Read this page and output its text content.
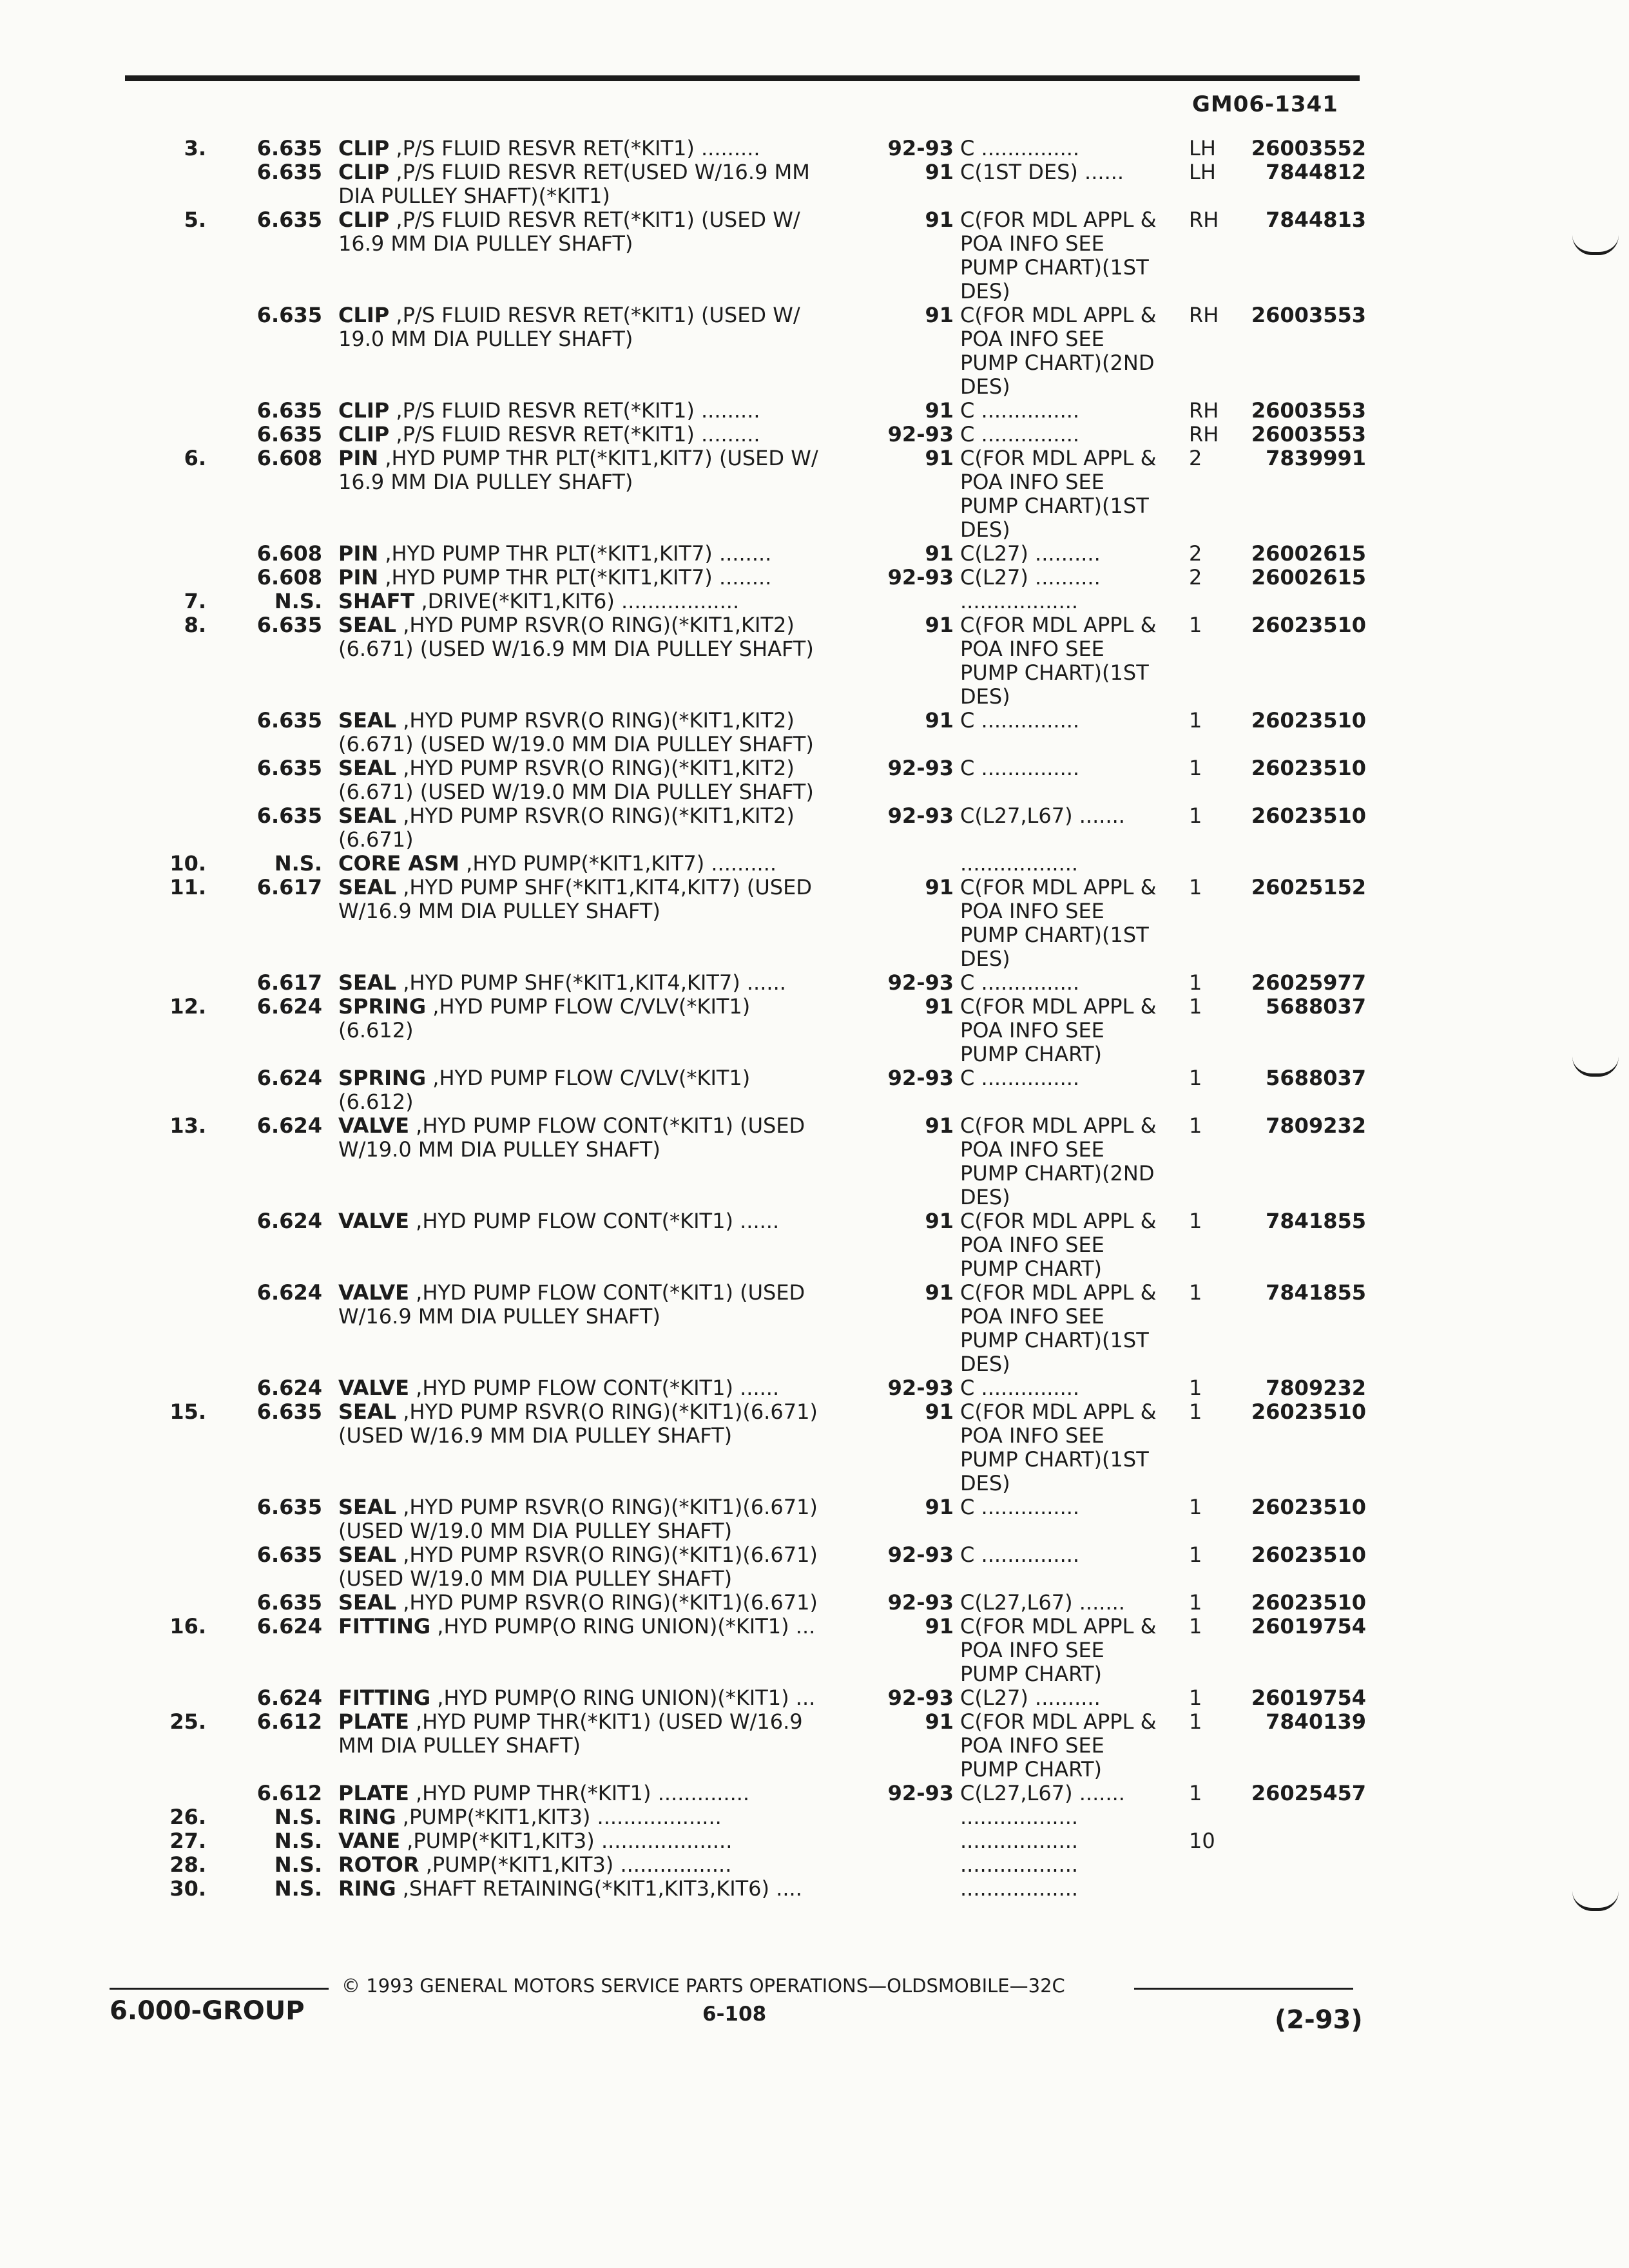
GM06-1341
3.	6.635 CLIP ,P/S FLUID RESVR RET(*KIT1) .........	92-93 C ...............	LH	26003552
6.635 CLIP ,P/S FLUID RESVR RET(USED W/16.9 MM
DIA PULLEY SHAFT)(*KIT1)
91 C(1ST DES) ......	LH	7844812
5.	6.635 CLIP ,P/S FLUID RESVR RET(*KIT1) (USED W/
16.9 MM DIA PULLEY SHAFT)
91 C(FOR MDL APPL &
POA INFO SEE
PUMP CHART)(1ST
DES)
RH	7844813
6.635 CLIP ,P/S FLUID RESVR RET(*KIT1) (USED W/
19.0 MM DIA PULLEY SHAFT)
91 C(FOR MDL APPL &
POA INFO SEE
PUMP CHART)(2ND
DES)
RH	26003553
6.635 CLIP ,P/S FLUID RESVR RET(*KIT1) .........	91 C ...............	RH	26003553
6.635 CLIP ,P/S FLUID RESVR RET(*KIT1) .........	92-93 C ...............	RH	26003553
6.	6.608 PIN ,HYD PUMP THR PLT(*KIT1,KIT7) (USED W/
16.9 MM DIA PULLEY SHAFT)
91 C(FOR MDL APPL &
POA INFO SEE
PUMP CHART)(1ST
DES)
2	7839991
6.608 PIN ,HYD PUMP THR PLT(*KIT1,KIT7) ........	91 C(L27) ..........	2	26002615
6.608 PIN ,HYD PUMP THR PLT(*KIT1,KIT7) ........	92-93 C(L27) ..........	2	26002615
7.	N.S. SHAFT ,DRIVE(*KIT1,KIT6) ..................	..................
8.	6.635 SEAL ,HYD PUMP RSVR(O RING)(*KIT1,KIT2)
(6.671) (USED W/16.9 MM DIA PULLEY SHAFT)
91 C(FOR MDL APPL &
POA INFO SEE
PUMP CHART)(1ST
DES)
1	26023510
6.635 SEAL ,HYD PUMP RSVR(O RING)(*KIT1,KIT2)
(6.671) (USED W/19.0 MM DIA PULLEY SHAFT)
91 C ...............	1	26023510
6.635 SEAL ,HYD PUMP RSVR(O RING)(*KIT1,KIT2)
(6.671) (USED W/19.0 MM DIA PULLEY SHAFT)
92-93 C ...............	1	26023510
6.635 SEAL ,HYD PUMP RSVR(O RING)(*KIT1,KIT2)
(6.671)
92-93 C(L27,L67) .......	1	26023510
10.	N.S. CORE ASM ,HYD PUMP(*KIT1,KIT7) ..........	..................
11.	6.617 SEAL ,HYD PUMP SHF(*KIT1,KIT4,KIT7) (USED
W/16.9 MM DIA PULLEY SHAFT)
91 C(FOR MDL APPL &
POA INFO SEE
PUMP CHART)(1ST
DES)
1	26025152
6.617 SEAL ,HYD PUMP SHF(*KIT1,KIT4,KIT7) ......	92-93 C ...............	1	26025977
12.	6.624 SPRING ,HYD PUMP FLOW C/VLV(*KIT1)
(6.612)
91 C(FOR MDL APPL &
POA INFO SEE
PUMP CHART)
1	5688037
6.624 SPRING ,HYD PUMP FLOW C/VLV(*KIT1)
(6.612)
92-93 C ...............	1	5688037
13.	6.624 VALVE ,HYD PUMP FLOW CONT(*KIT1) (USED
W/19.0 MM DIA PULLEY SHAFT)
91 C(FOR MDL APPL &
POA INFO SEE
PUMP CHART)(2ND
DES)
1	7809232
6.624 VALVE ,HYD PUMP FLOW CONT(*KIT1) ......	91 C(FOR MDL APPL &
POA INFO SEE
PUMP CHART)
1	7841855
6.624 VALVE ,HYD PUMP FLOW CONT(*KIT1) (USED
W/16.9 MM DIA PULLEY SHAFT)
91 C(FOR MDL APPL &
POA INFO SEE
PUMP CHART)(1ST
DES)
1	7841855
6.624 VALVE ,HYD PUMP FLOW CONT(*KIT1) ......	92-93 C ...............	1	7809232
15.	6.635 SEAL ,HYD PUMP RSVR(O RING)(*KIT1)(6.671)
(USED W/16.9 MM DIA PULLEY SHAFT)
91 C(FOR MDL APPL &
POA INFO SEE
PUMP CHART)(1ST
DES)
1	26023510
6.635 SEAL ,HYD PUMP RSVR(O RING)(*KIT1)(6.671)
(USED W/19.0 MM DIA PULLEY SHAFT)
91 C ...............	1	26023510
6.635 SEAL ,HYD PUMP RSVR(O RING)(*KIT1)(6.671)
(USED W/19.0 MM DIA PULLEY SHAFT)
92-93 C ...............	1	26023510
6.635 SEAL ,HYD PUMP RSVR(O RING)(*KIT1)(6.671)	92-93 C(L27,L67) .......	1	26023510
16.	6.624 FITTING ,HYD PUMP(O RING UNION)(*KIT1) ...	91 C(FOR MDL APPL &
POA INFO SEE
PUMP CHART)
1	26019754
6.624 FITTING ,HYD PUMP(O RING UNION)(*KIT1) ...	92-93 C(L27) ..........	1	26019754
25.	6.612 PLATE ,HYD PUMP THR(*KIT1) (USED W/16.9
MM DIA PULLEY SHAFT)
91 C(FOR MDL APPL &
POA INFO SEE
PUMP CHART)
1	7840139
6.612 PLATE ,HYD PUMP THR(*KIT1) ..............	92-93 C(L27,L67) .......	1	26025457
26.	N.S. RING ,PUMP(*KIT1,KIT3) ...................	..................
27.	N.S. VANE ,PUMP(*KIT1,KIT3) ....................	..................	10
28.	N.S. ROTOR ,PUMP(*KIT1,KIT3) .................	..................
30.	N.S. RING ,SHAFT RETAINING(*KIT1,KIT3,KIT6) ....	..................
© 1993 GENERAL MOTORS SERVICE PARTS OPERATIONS—OLDSMOBILE—32C
6.000-GROUP	6-108	(2-93)
